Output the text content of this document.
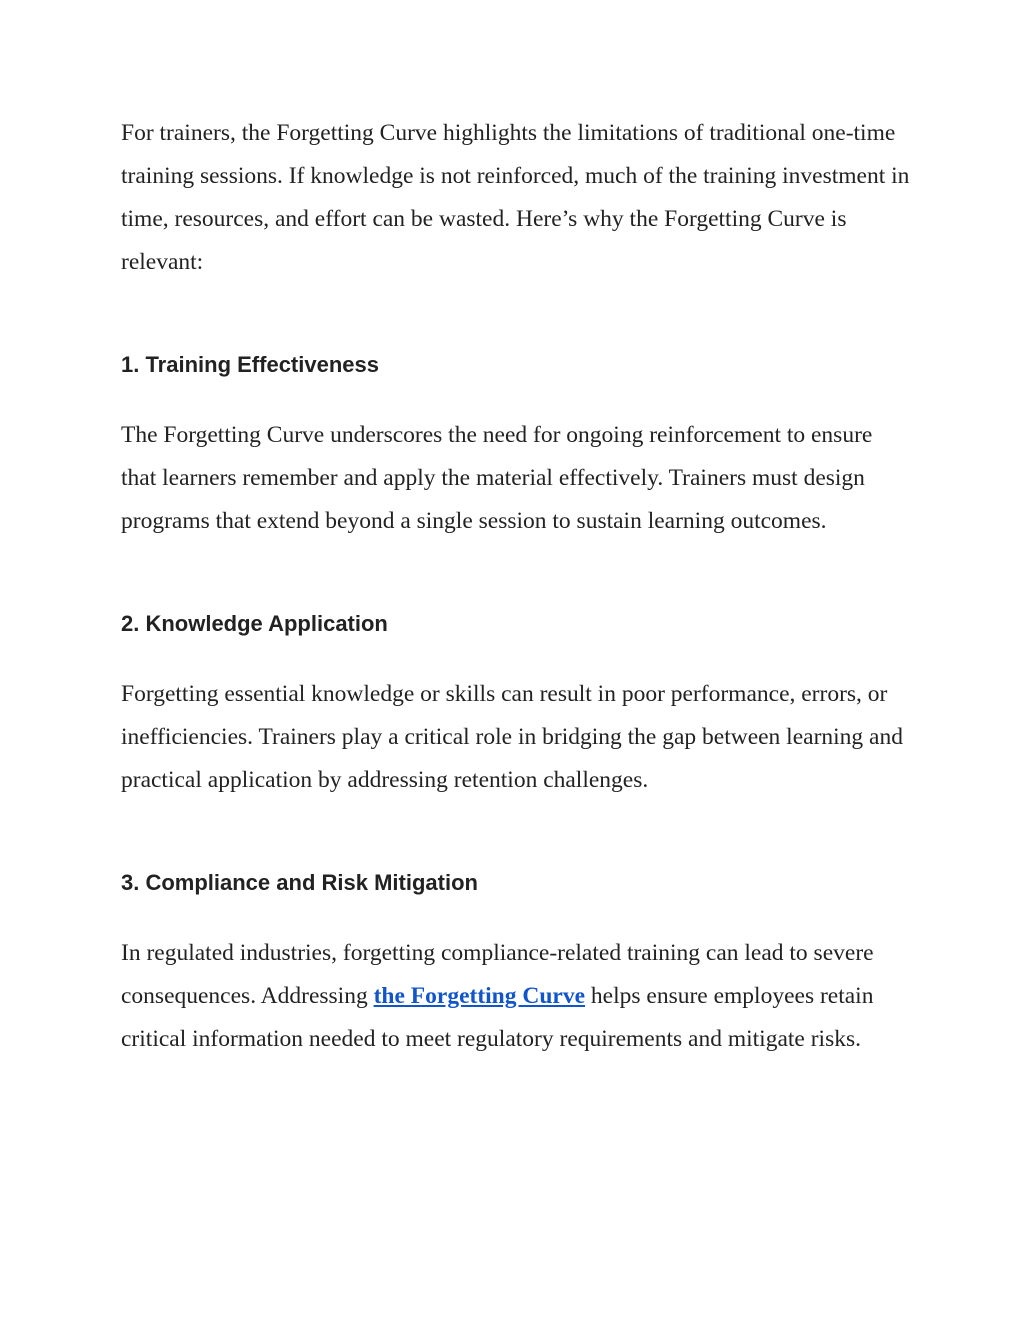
For trainers, the Forgetting Curve highlights the limitations of traditional one-time training sessions. If knowledge is not reinforced, much of the training investment in time, resources, and effort can be wasted. Here’s why the Forgetting Curve is relevant:

1. Training Effectiveness

The Forgetting Curve underscores the need for ongoing reinforcement to ensure that learners remember and apply the material effectively. Trainers must design programs that extend beyond a single session to sustain learning outcomes.

2. Knowledge Application

Forgetting essential knowledge or skills can result in poor performance, errors, or inefficiencies. Trainers play a critical role in bridging the gap between learning and practical application by addressing retention challenges.

3. Compliance and Risk Mitigation

In regulated industries, forgetting compliance-related training can lead to severe consequences. Addressing the Forgetting Curve helps ensure employees retain critical information needed to meet regulatory requirements and mitigate risks.
